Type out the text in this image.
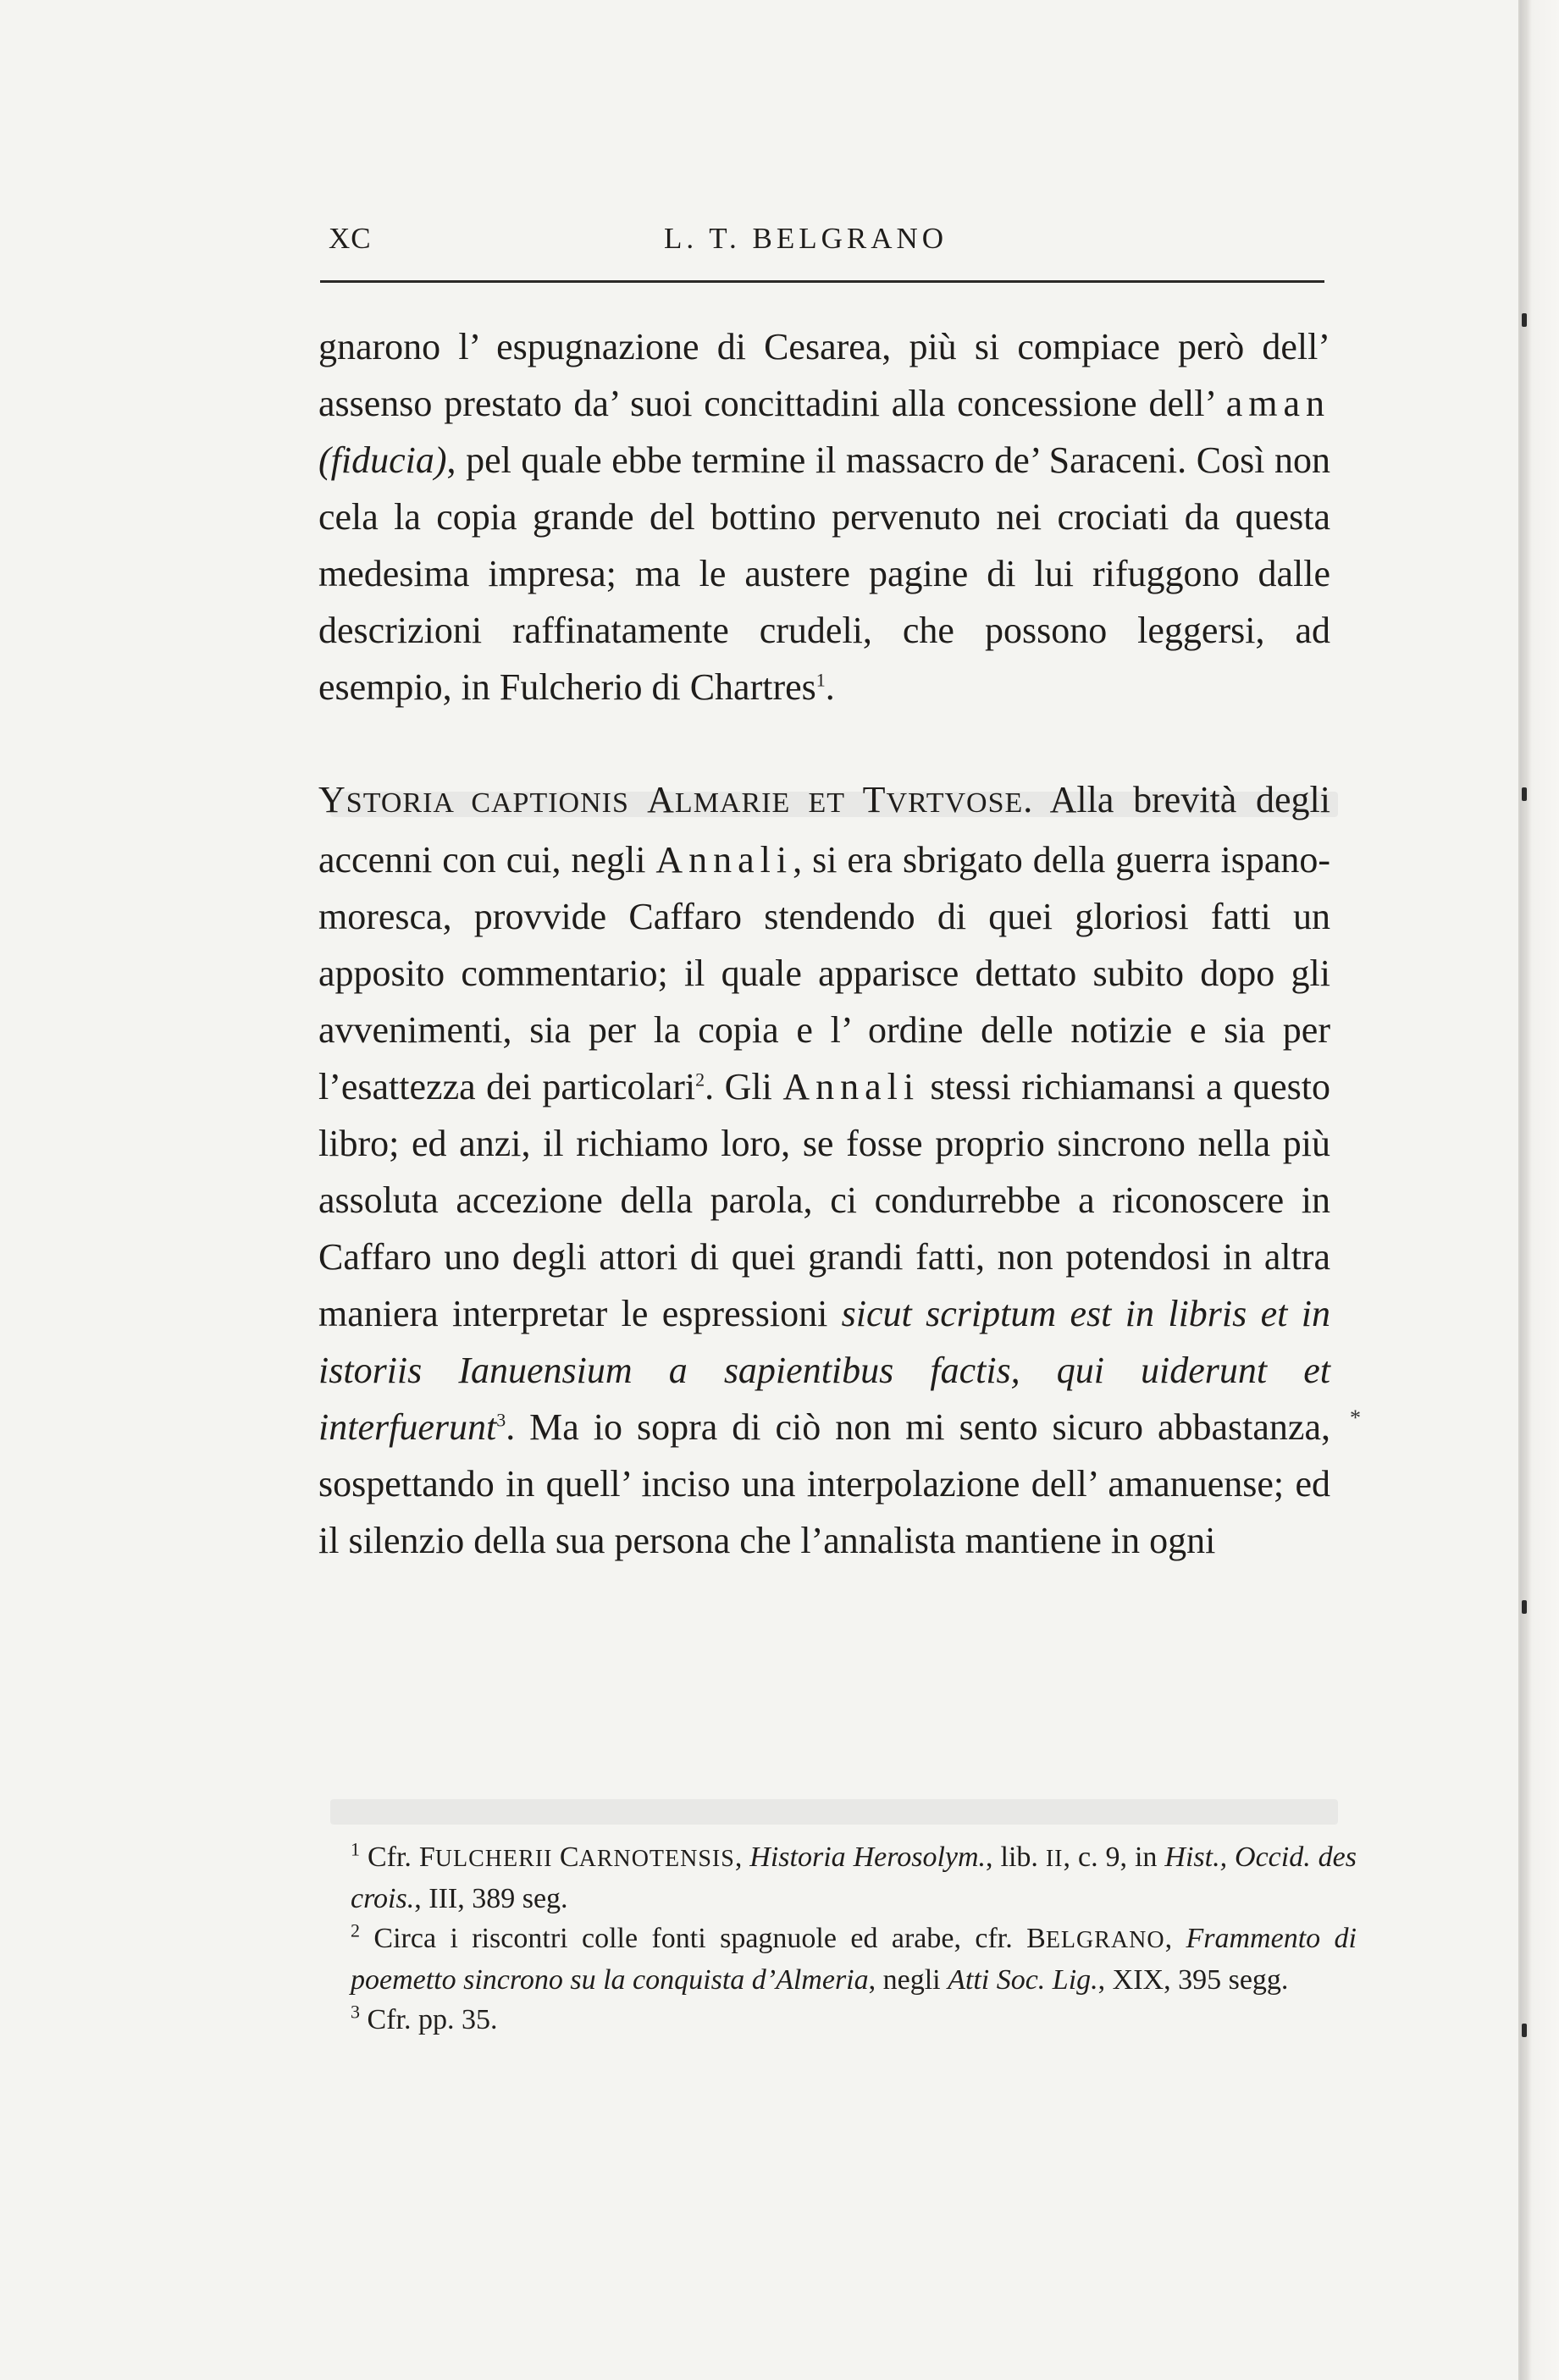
XC	L. T. BELGRANO

gnarono l’ espugnazione di Cesarea, più si compiace però dell’ assenso prestato da’ suoi concittadini alla concessione dell’ aman (fiducia), pel quale ebbe termine il massacro de’ Saraceni. Così non cela la copia grande del bottino pervenuto nei crociati da questa medesima impresa; ma le austere pagine di lui rifuggono dalle descrizioni raffinatamente crudeli, che possono leggersi, ad esempio, in Fulcherio di Chartres$^1$.

YSTORIA CAPTIONIS ALMARIE ET TVRTVOSE. Alla brevità degli accenni con cui, negli Annali, si era sbrigato della guerra ispano-moresca, provvide Caffaro stendendo di quei gloriosi fatti un apposito commentario; il quale apparisce dettato subito dopo gli avvenimenti, sia per la copia e l’ ordine delle notizie e sia per l’esattezza dei particolari$^2$. Gli Annali stessi richiamansi a questo libro; ed anzi, il richiamo loro, se fosse proprio sincrono nella più assoluta accezione della parola, ci condurrebbe a riconoscere in Caffaro uno degli attori di quei grandi fatti, non potendosi in altra maniera interpretar le espressioni sicut scriptum est in libris et in istoriis Ianuensium a sapientibus factis, qui uiderunt et interfuerunt$^3$. Ma io sopra di ciò non mi sento sicuro abbastanza, sospettando in quell’ inciso una interpolazione dell’ amanuense; ed il silenzio della sua persona che l’annalista mantiene in ogni

*

$^1$ Cfr. FULCHERII CARNOTENSIS, Historia Herosolym., lib. II, c. 9, in Hist., Occid. des crois., III, 389 seg.

$^2$ Circa i riscontri colle fonti spagnuole ed arabe, cfr. BELGRANO, Frammento di poemetto sincrono su la conquista d’Almeria, negli Atti Soc. Lig., XIX, 395 segg.

$^3$ Cfr. pp. 35.
